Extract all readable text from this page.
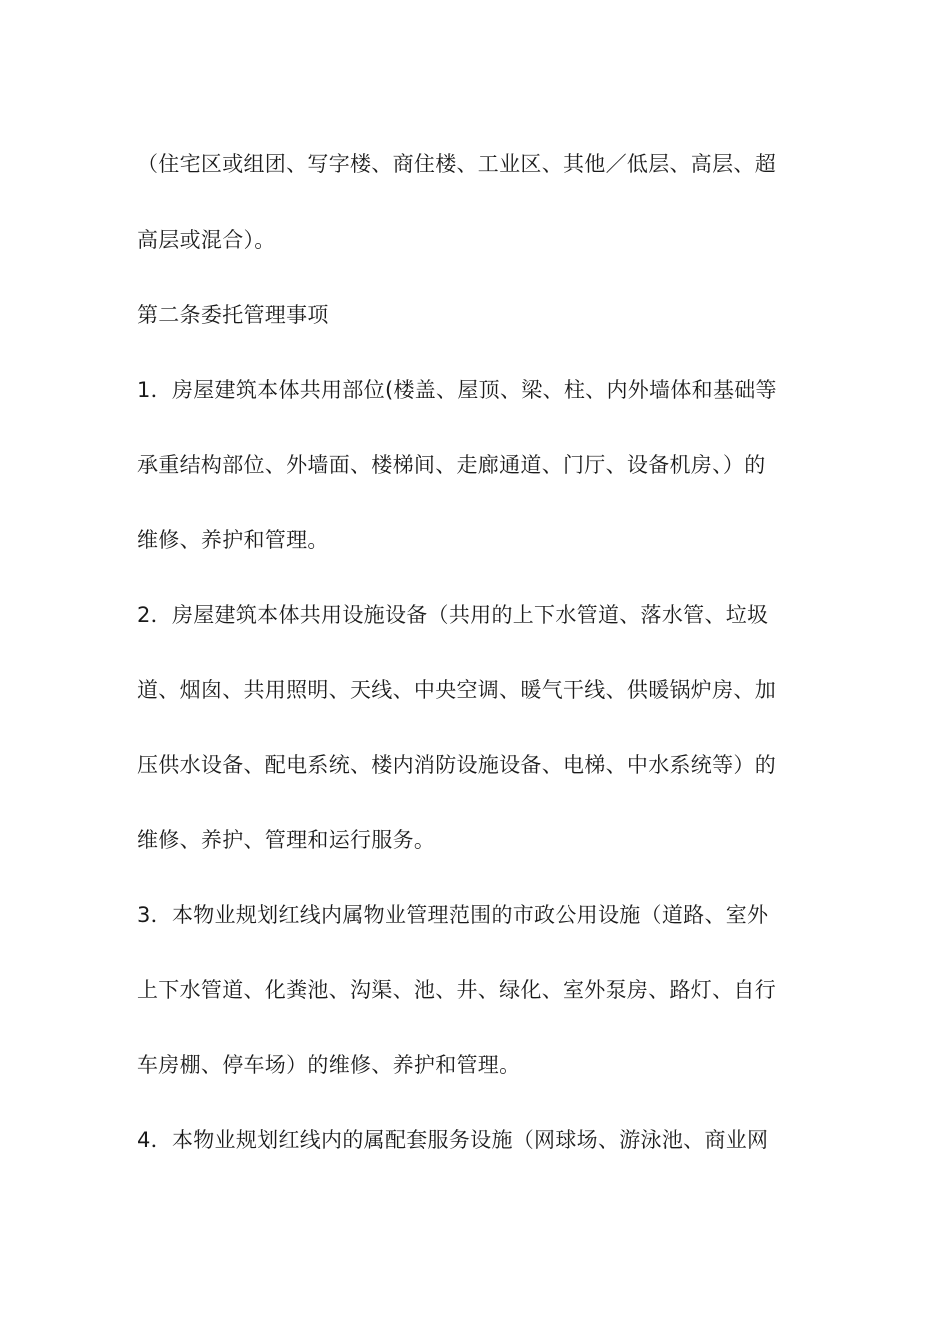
（住宅区或组团、写字楼、商住楼、工业区、其他／低层、高层、超
高层或混合）。
第二条委托管理事项
1．房屋建筑本体共用部位(楼盖、屋顶、梁、柱、内外墙体和基础等
承重结构部位、外墙面、楼梯间、走廊通道、门厅、设备机房、）的
维修、养护和管理。
2．房屋建筑本体共用设施设备（共用的上下水管道、落水管、垃圾
道、烟囱、共用照明、天线、中央空调、暖气干线、供暖锅炉房、加
压供水设备、配电系统、楼内消防设施设备、电梯、中水系统等）的
维修、养护、管理和运行服务。
3．本物业规划红线内属物业管理范围的市政公用设施（道路、室外
上下水管道、化粪池、沟渠、池、井、绿化、室外泵房、路灯、自行
车房棚、停车场）的维修、养护和管理。
4．本物业规划红线内的属配套服务设施（网球场、游泳池、商业网
